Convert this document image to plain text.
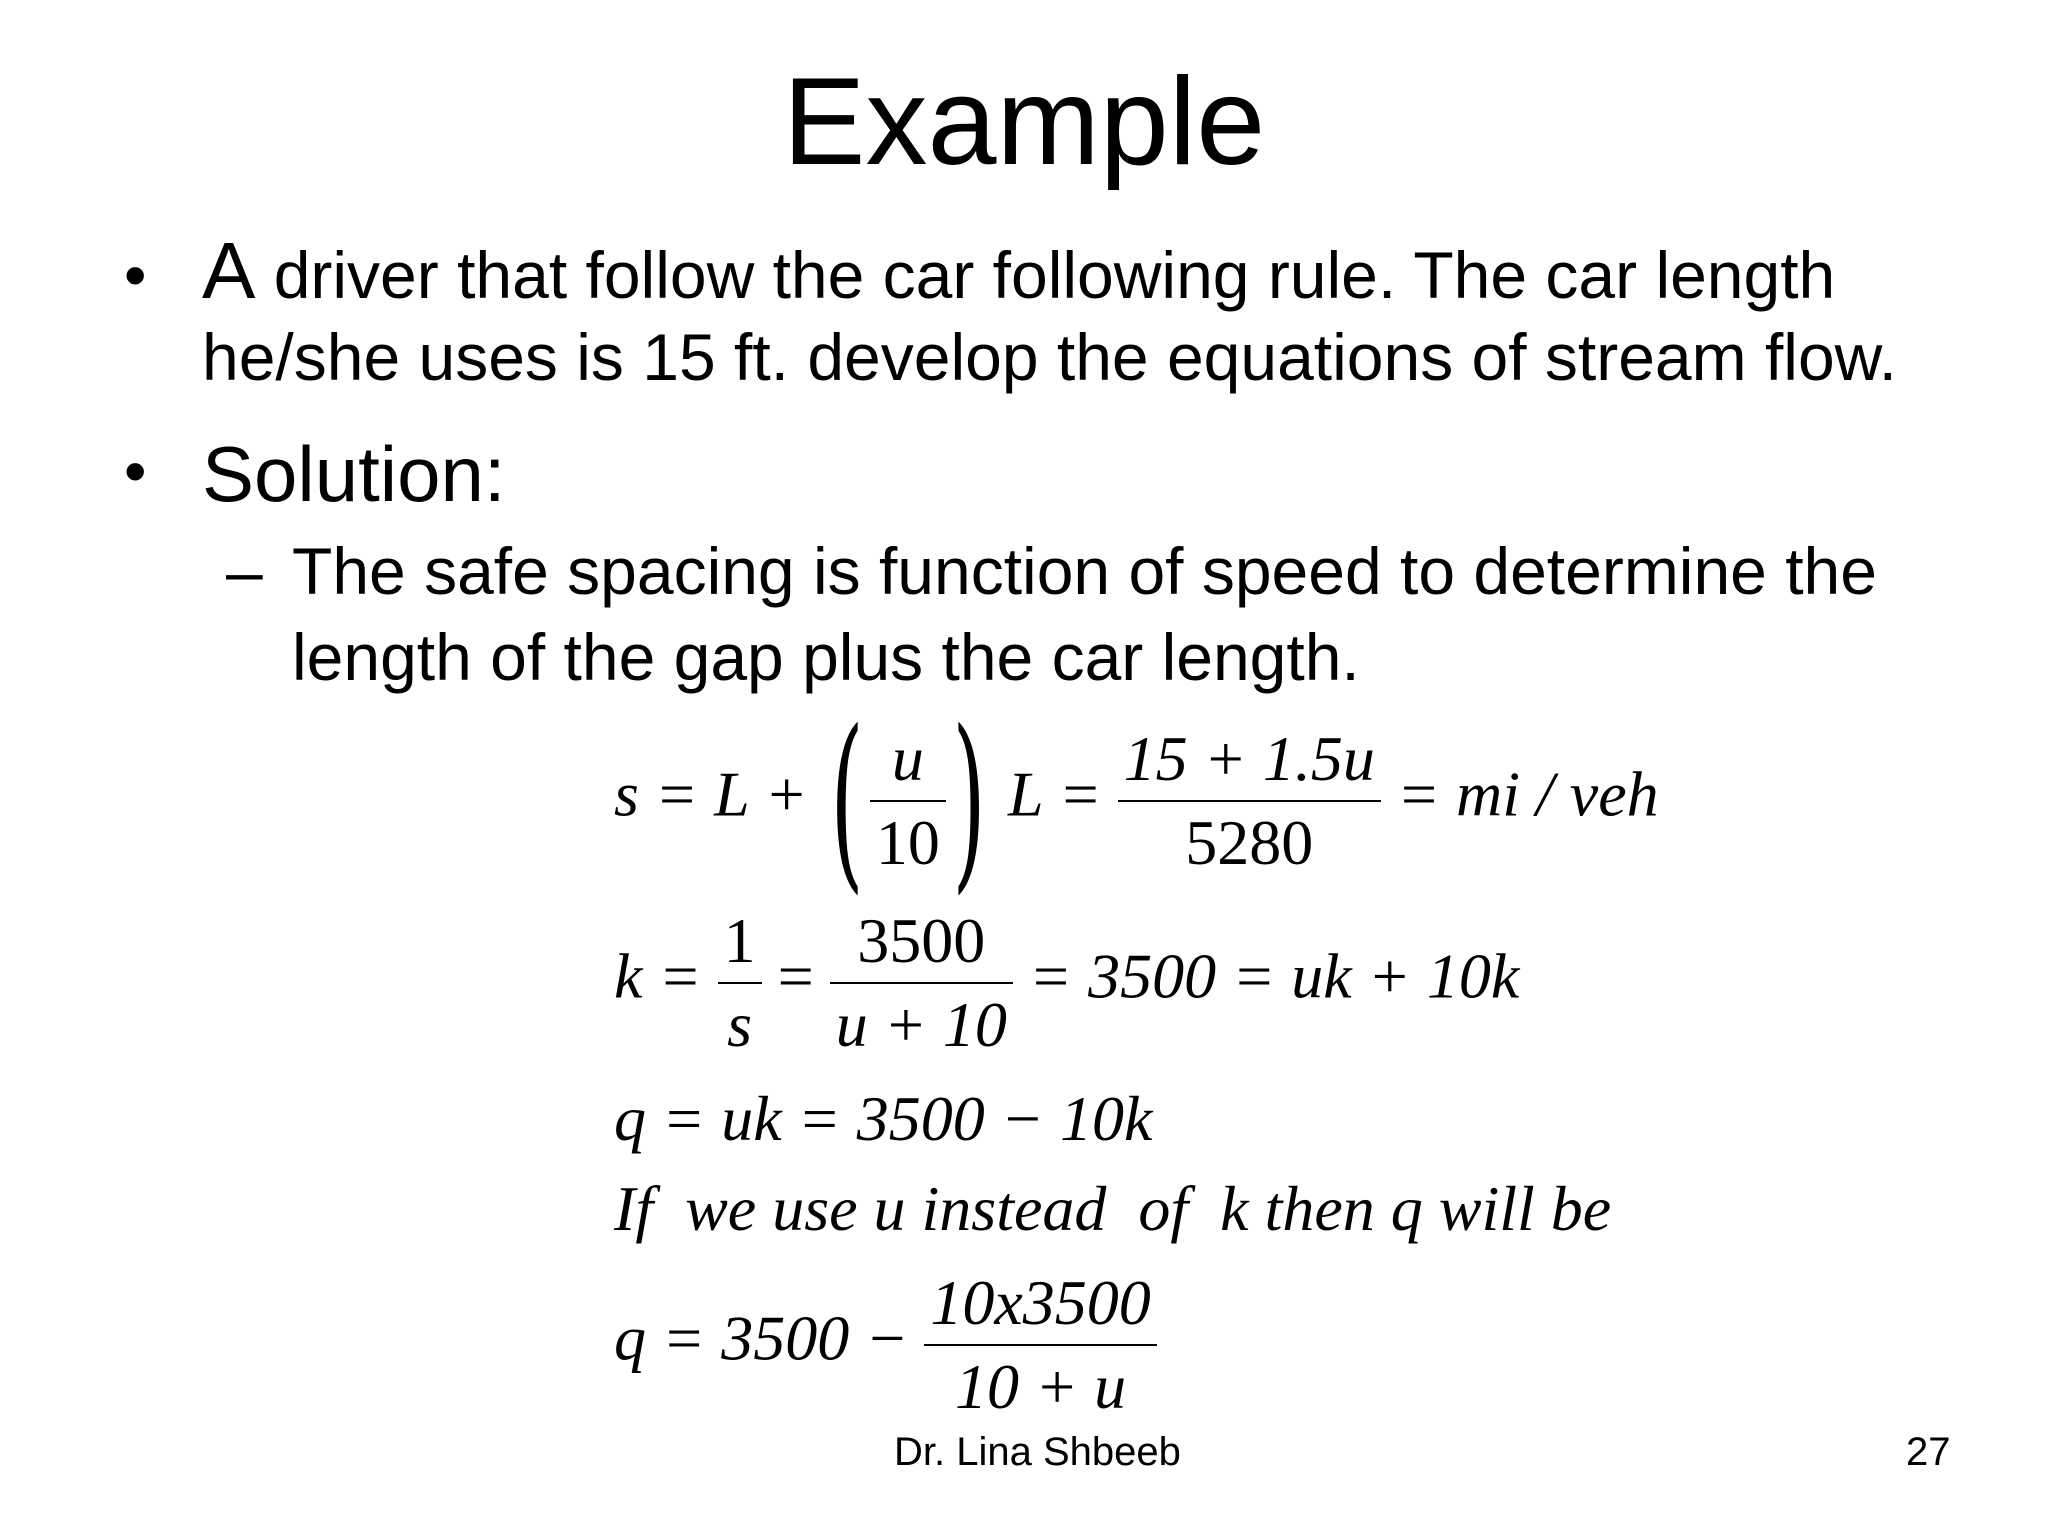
Example
• A driver that follow the car following rule. The car length
he/she uses is 15 ft. develop the equations of stream flow.
• Solution:
– The safe spacing is function of speed to determine the
length of the gap plus the car length.
s = L + ( $\frac{u}{10}$ ) $L = \frac{15 + 1.5u}{5280}$ = mi / veh
$k = \frac{1}{s} = \frac{3500}{u + 10} = 3500$ = uk + 10k
q = uk = 3500 − 10k
If  we use u instead  of  k then q will be
$q = 3500 - \frac{10x3500}{10 + u}$
Dr. Lina Shbeeb	27
